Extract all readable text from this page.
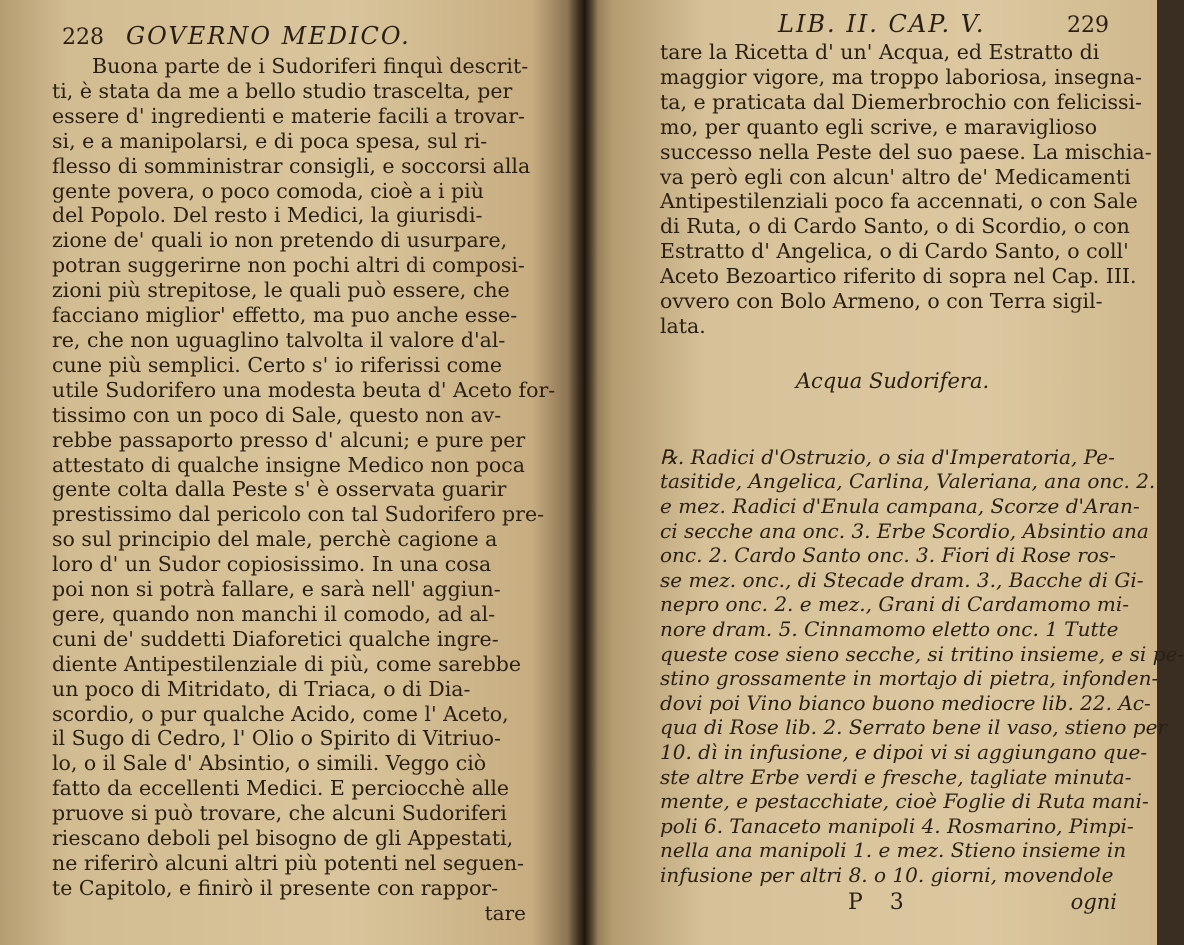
228 GOVERNO MEDICO.
Buona parte de i Sudoriferi finquì descrit-
ti, è stata da me a bello studio trascelta, per
essere d' ingredienti e materie facili a trovar-
si, e a manipolarsi, e di poca spesa, sul ri-
flesso di somministrar consigli, e soccorsi alla
gente povera, o poco comoda, cioè a i più
del Popolo. Del resto i Medici, la giurisdi-
zione de' quali io non pretendo di usurpare,
potran suggerirne non pochi altri di composi-
zioni più strepitose, le quali può essere, che
facciano miglior' effetto, ma puo anche esse-
re, che non uguaglino talvolta il valore d'al-
cune più semplici. Certo s' io riferissi come
utile Sudorifero una modesta beuta d' Aceto for-
tissimo con un poco di Sale, questo non av-
rebbe passaporto presso d' alcuni; e pure per
attestato di qualche insigne Medico non poca
gente colta dalla Peste s' è osservata guarir
prestissimo dal pericolo con tal Sudorifero pre-
so sul principio del male, perchè cagione a
loro d' un Sudor copiosissimo. In una cosa
poi non si potrà fallare, e sarà nell' aggiun-
gere, quando non manchi il comodo, ad al-
cuni de' suddetti Diaforetici qualche ingre-
diente Antipestilenziale di più, come sarebbe
un poco di Mitridato, di Triaca, o di Dia-
scordio, o pur qualche Acido, come l' Aceto,
il Sugo di Cedro, l' Olio o Spirito di Vitriuo-
lo, o il Sale d' Absintio, o simili. Veggo ciò
fatto da eccellenti Medici. E perciocchè alle
pruove si può trovare, che alcuni Sudoriferi
riescano deboli pel bisogno de gli Appestati,
ne riferirò alcuni altri più potenti nel seguen-
te Capitolo, e finirò il presente con rappor-
tare
LIB. II. CAP. V.	229
tare la Ricetta d' un' Acqua, ed Estratto di
maggior vigore, ma troppo laboriosa, insegna-
ta, e praticata dal Diemerbrochio con felicissi-
mo, per quanto egli scrive, e maraviglioso
successo nella Peste del suo paese. La mischia-
va però egli con alcun' altro de' Medicamenti
Antipestilenziali poco fa accennati, o con Sale
di Ruta, o di Cardo Santo, o di Scordio, o con
Estratto d' Angelica, o di Cardo Santo, o coll'
Aceto Bezoartico riferito di sopra nel Cap. III.
ovvero con Bolo Armeno, o con Terra sigil-
lata.
Acqua Sudorifera.
℞. Radici d'Ostruzio, o sia d'Imperatoria, Pe-
tasitide, Angelica, Carlina, Valeriana, ana onc. 2.
e mez. Radici d'Enula campana, Scorze d'Aran-
ci secche ana onc. 3. Erbe Scordio, Absintio ana
onc. 2. Cardo Santo onc. 3. Fiori di Rose ros-
se mez. onc., di Stecade dram. 3., Bacche di Gi-
nepro onc. 2. e mez., Grani di Cardamomo mi-
nore dram. 5. Cinnamomo eletto onc. 1 Tutte
queste cose sieno secche, si tritino insieme, e si pe-
stino grossamente in mortajo di pietra, infonden-
dovi poi Vino bianco buono mediocre lib. 22. Ac-
qua di Rose lib. 2. Serrato bene il vaso, stieno per
10. dì in infusione, e dipoi vi si aggiungano que-
ste altre Erbe verdi e fresche, tagliate minuta-
mente, e pestacchiate, cioè Foglie di Ruta mani-
poli 6. Tanaceto manipoli 4. Rosmarino, Pimpi-
nella ana manipoli 1. e mez. Stieno insieme in
infusione per altri 8. o 10. giorni, movendole
P 3	ogni
